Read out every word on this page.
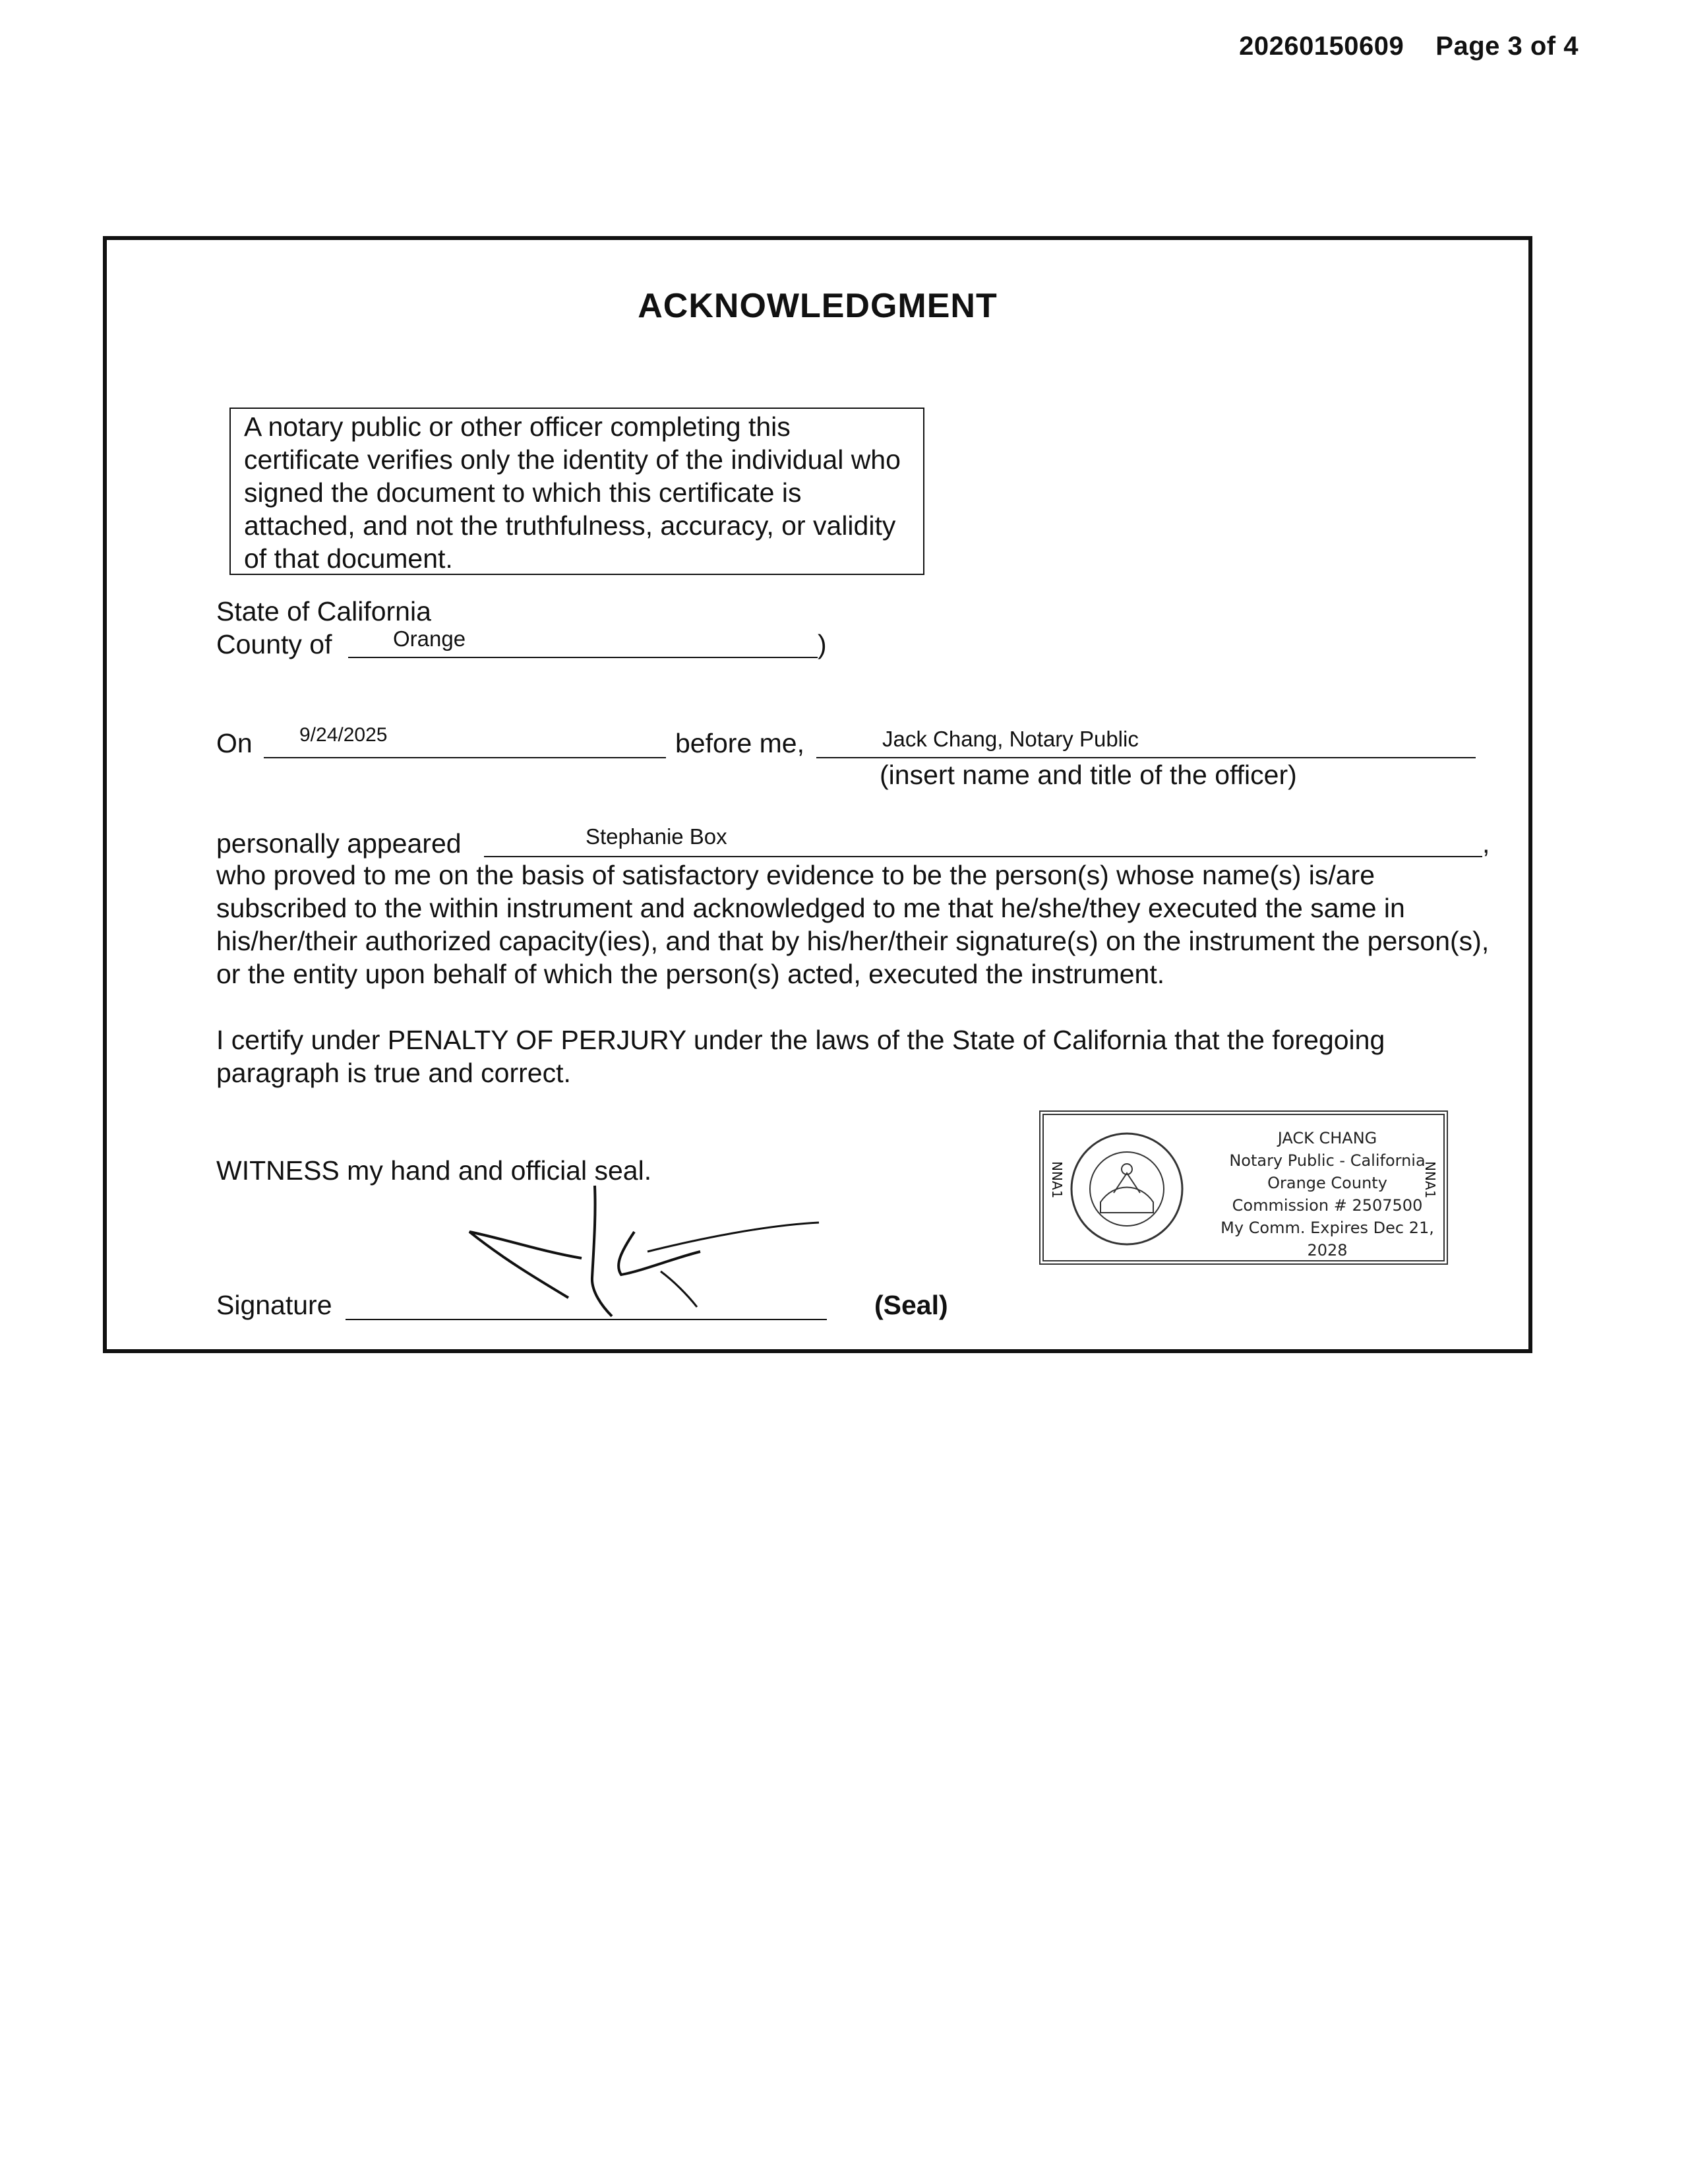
20260150609 Page 3 of 4
ACKNOWLEDGMENT
A notary public or other officer completing this certificate verifies only the identity of the individual who signed the document to which this certificate is attached, and not the truthfulness, accuracy, or validity of that document.
State of California
County of	Orange	)
On 9/24/2025	before me,	Jack Chang, Notary Public
(insert name and title of the officer)
personally appeared	Stephanie Box	,
who proved to me on the basis of satisfactory evidence to be the person(s) whose name(s) is/are subscribed to the within instrument and acknowledged to me that he/she/they executed the same in his/her/their authorized capacity(ies), and that by his/her/their signature(s) on the instrument the person(s), or the entity upon behalf of which the person(s) acted, executed the instrument.
I certify under PENALTY OF PERJURY under the laws of the State of California that the foregoing paragraph is true and correct.
WITNESS my hand and official seal.
Signature	(Seal)
NNA1	NNA1
JACK CHANG
Notary Public - California
Orange County
Commission # 2507500
My Comm. Expires Dec 21, 2028
